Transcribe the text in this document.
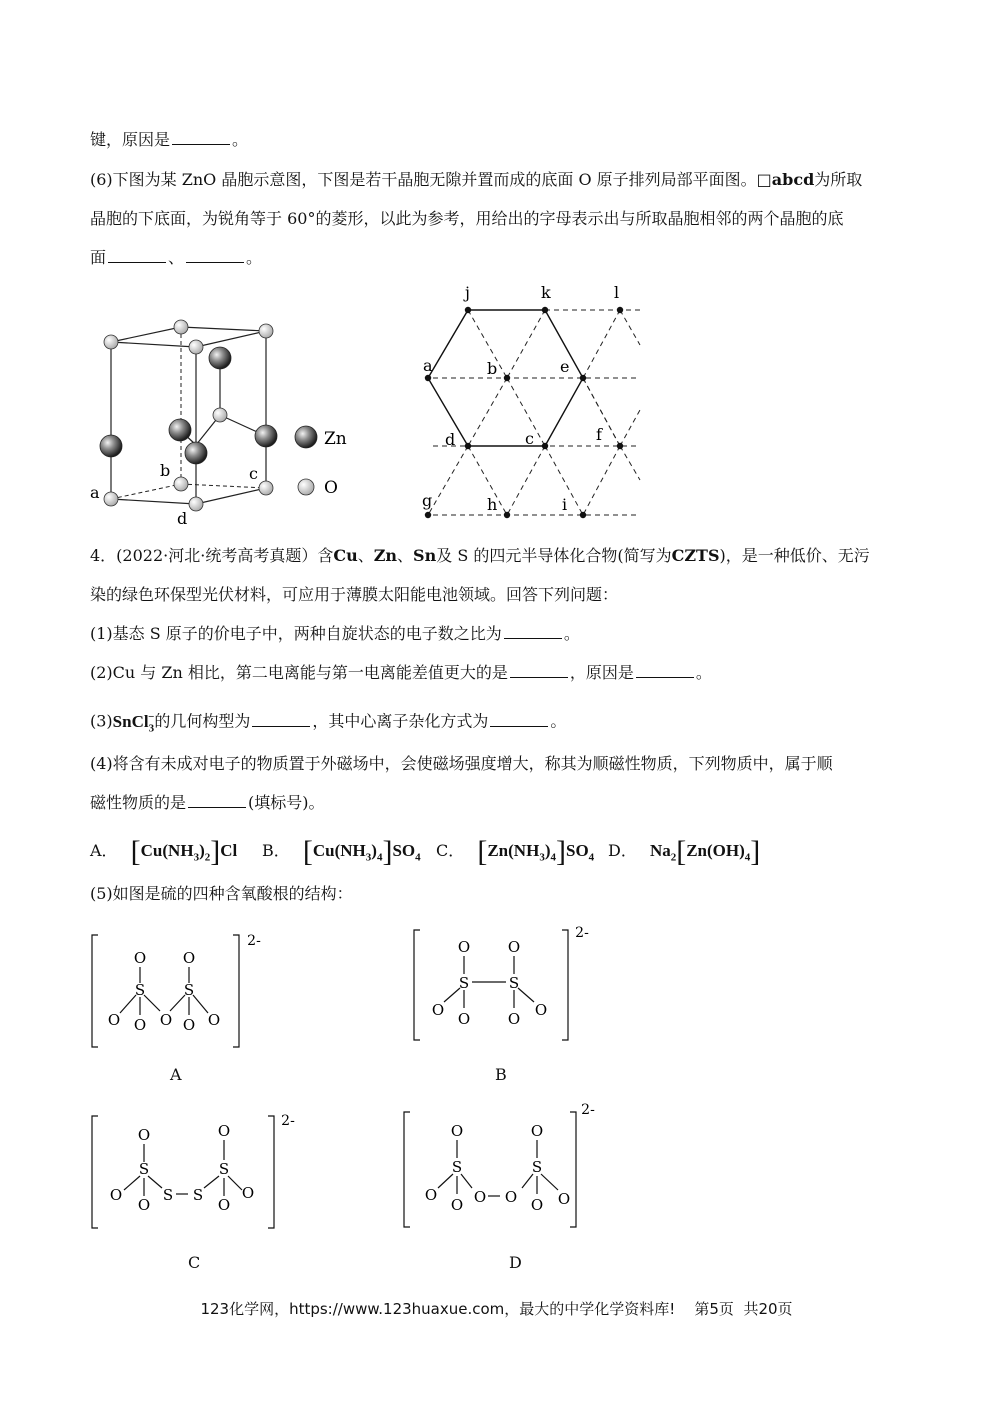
键，原因是	。
(6)下图为某 ZnO 晶胞示意图，下图是若干晶胞无隙并置而成的底面 O 原子排列局部平面图。□abcd为所取
晶胞的下底面，为锐角等于 60°的菱形，以此为参考，用给出的字母表示出与所取晶胞相邻的两个晶胞的底
面	、	。
Zn
O
a
b	c
d
j	k	l
a	b	e
d	c	f
g	h	i
4．(2022·河北·统考高考真题）含Cu、Zn、Sn及 S 的四元半导体化合物(简写为CZTS)，是一种低价、无污
染的绿色环保型光伏材料，可应用于薄膜太阳能电池领域。回答下列问题：
(1)基态 S 原子的价电子中，两种自旋状态的电子数之比为	。
(2)Cu 与 Zn 相比，第二电离能与第一电离能差值更大的是	，原因是	。
(3)SnCl$_3$−的几何构型为	，其中心离子杂化方式为	。
(4)将含有未成对电子的物质置于外磁场中，会使磁场强度增大，称其为顺磁性物质，下列物质中，属于顺
磁性物质的是	(填标号)。
A． $[Cu(NH_3)_2]Cl$ B． $[Cu(NH_3)_4]SO_4$ C． $[Zn(NH_3)_4]SO_4$ D． $Na_2[Zn(OH)_4]$
(5)如图是硫的四种含氧酸根的结构：
O O
S	S
O O O O O
2-
A
O	O
S	S
O O	O O
2-
B
O	O
S	S
S S
O
O	O
O
2-
C
O	O
S	S
O
O O O O O
2-
D
123化学网，https://www.123huaxue.com，最大的中学化学资料库!    第5页  共20页
